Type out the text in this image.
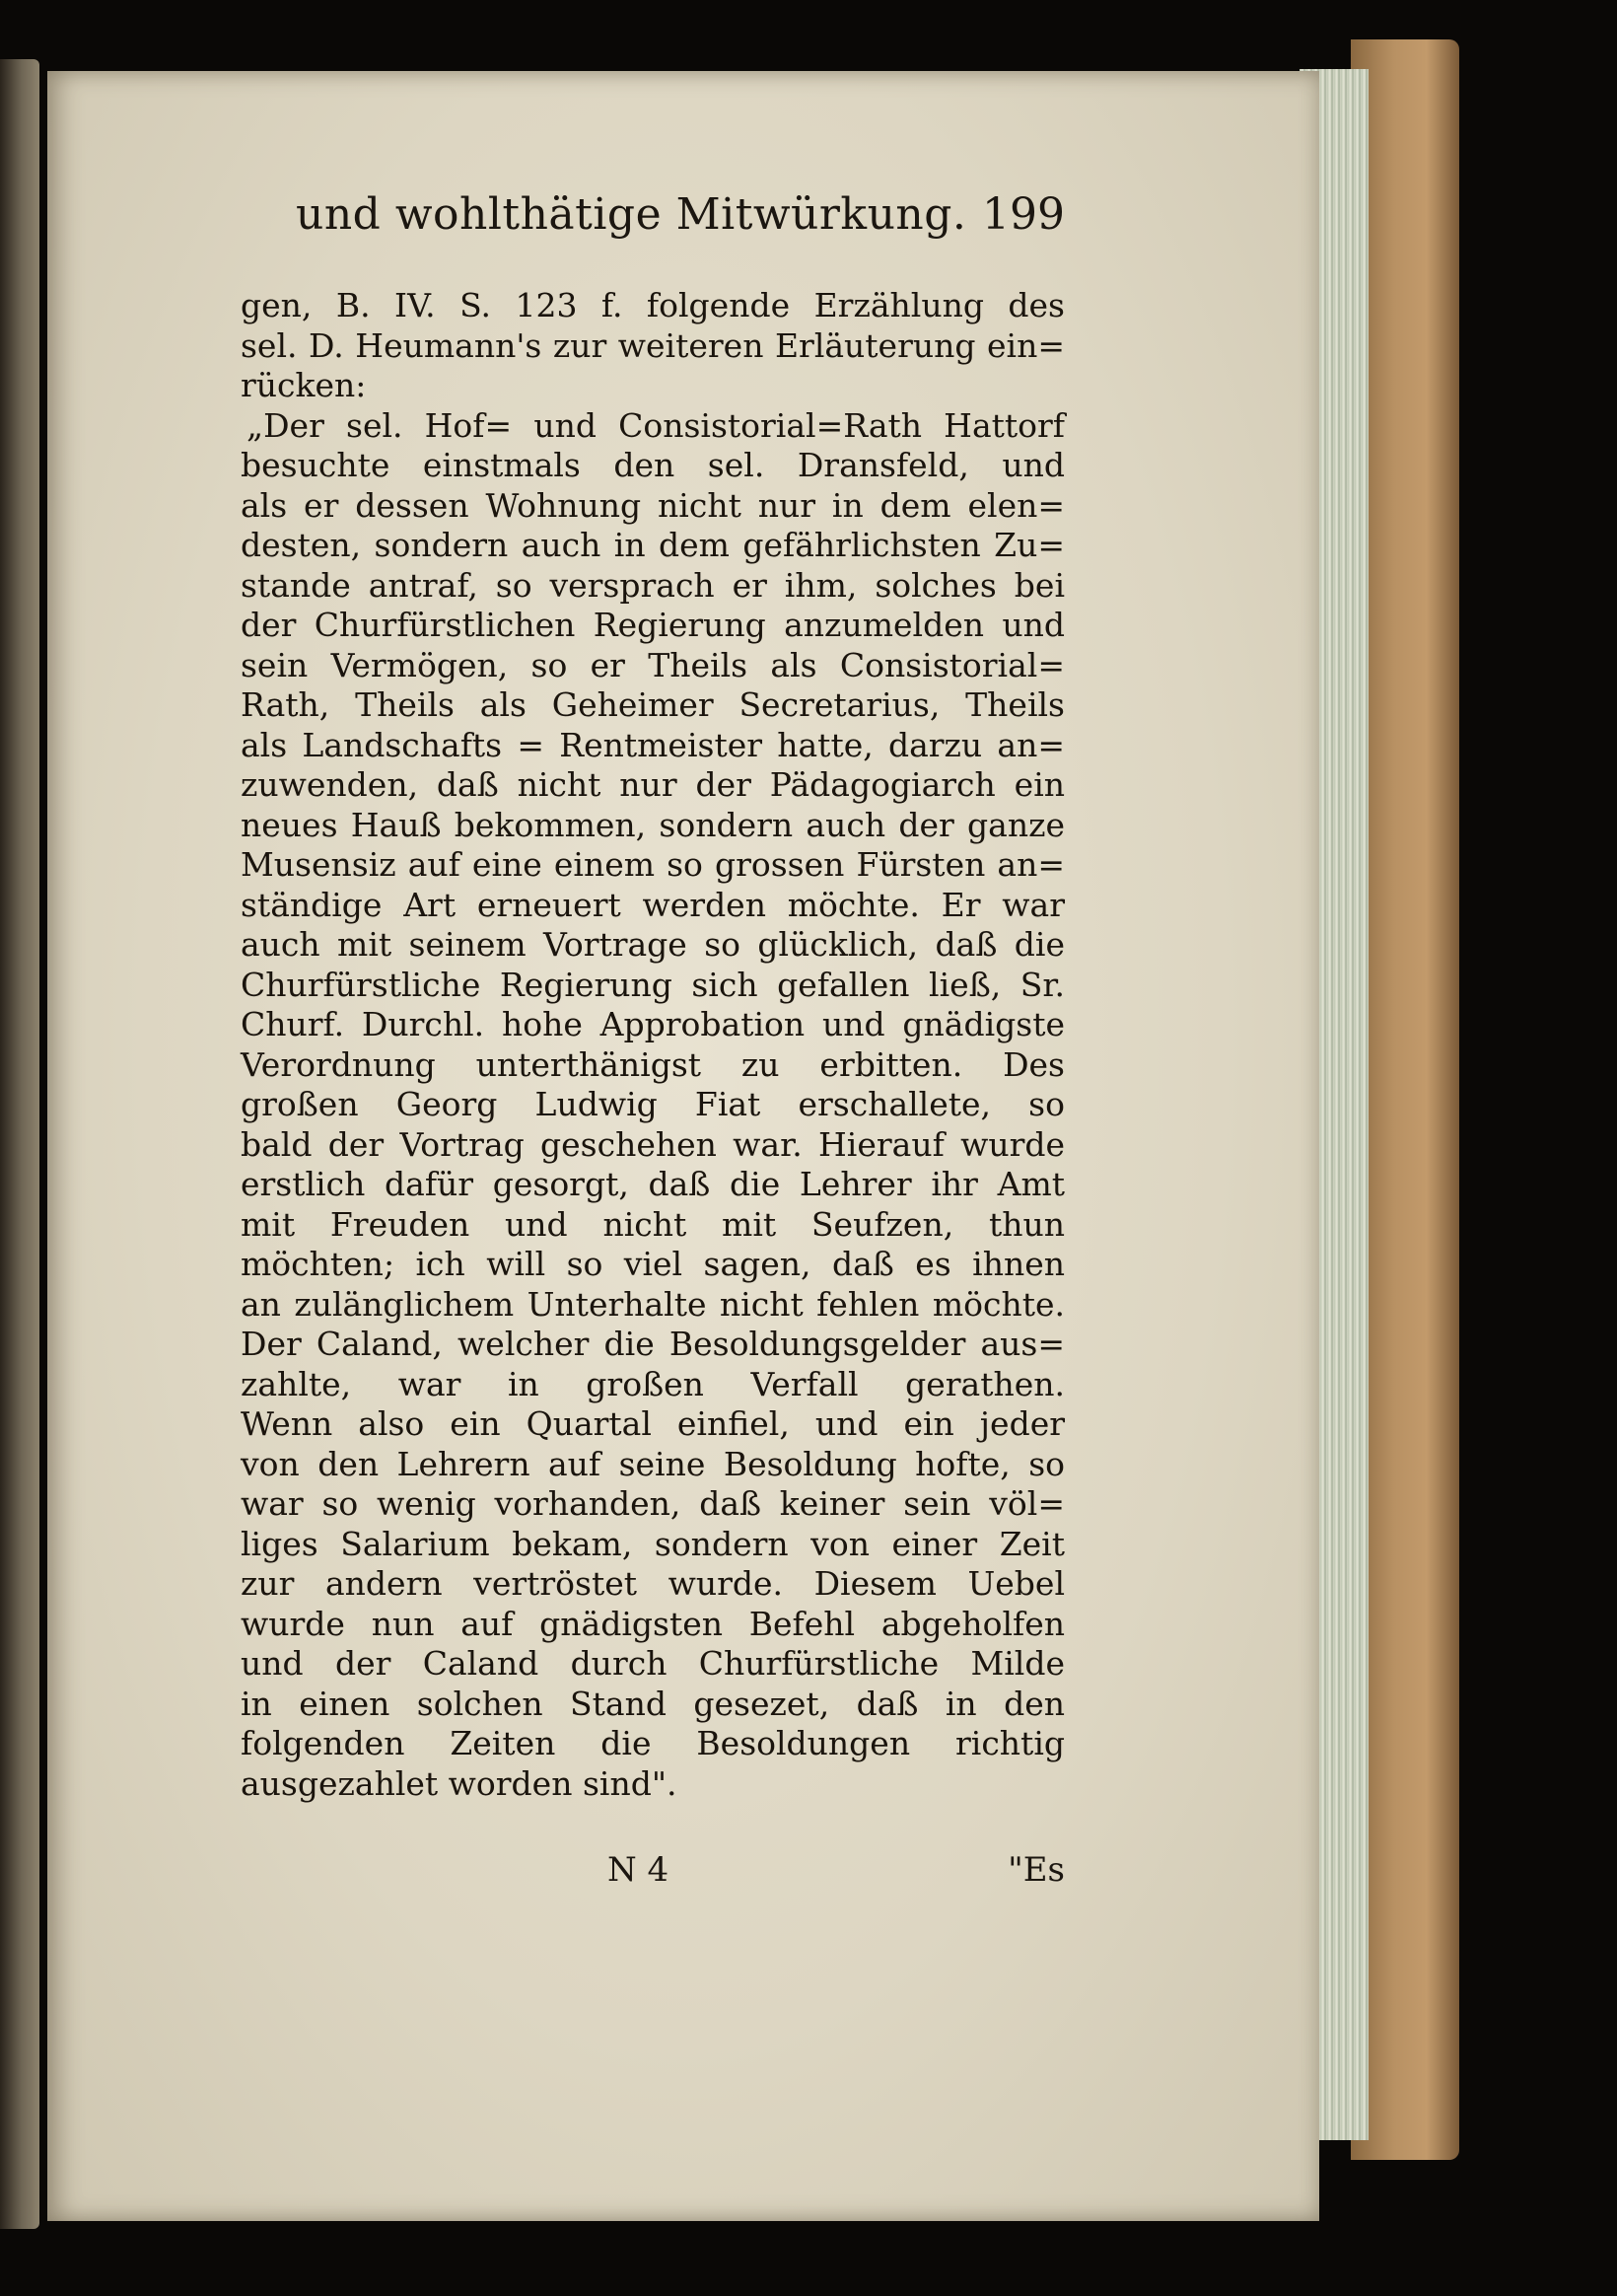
und wohlthätige Mitwürkung. 199
gen, B. IV. S. 123 f. folgende Erzählung des
sel. D. Heumann's zur weiteren Erläuterung ein=
rücken:
„Der sel. Hof= und Consistorial=Rath Hattorf
besuchte einstmals den sel. Dransfeld, und
als er dessen Wohnung nicht nur in dem elen=
desten, sondern auch in dem gefährlichsten Zu=
stande antraf, so versprach er ihm, solches bei
der Churfürstlichen Regierung anzumelden und
sein Vermögen, so er Theils als Consistorial=
Rath, Theils als Geheimer Secretarius, Theils
als Landschafts = Rentmeister hatte, darzu an=
zuwenden, daß nicht nur der Pädagogiarch ein
neues Hauß bekommen, sondern auch der ganze
Musensiz auf eine einem so grossen Fürsten an=
ständige Art erneuert werden möchte. Er war
auch mit seinem Vortrage so glücklich, daß die
Churfürstliche Regierung sich gefallen ließ, Sr.
Churf. Durchl. hohe Approbation und gnädigste
Verordnung unterthänigst zu erbitten. Des
großen Georg Ludwig Fiat erschallete, so
bald der Vortrag geschehen war. Hierauf wurde
erstlich dafür gesorgt, daß die Lehrer ihr Amt
mit Freuden und nicht mit Seufzen, thun
möchten; ich will so viel sagen, daß es ihnen
an zulänglichem Unterhalte nicht fehlen möchte.
Der Caland, welcher die Besoldungsgelder aus=
zahlte, war in großen Verfall gerathen.
Wenn also ein Quartal einfiel, und ein jeder
von den Lehrern auf seine Besoldung hofte, so
war so wenig vorhanden, daß keiner sein völ=
liges Salarium bekam, sondern von einer Zeit
zur andern vertröstet wurde. Diesem Uebel
wurde nun auf gnädigsten Befehl abgeholfen
und der Caland durch Churfürstliche Milde
in einen solchen Stand gesezet, daß in den
folgenden Zeiten die Besoldungen richtig
ausgezahlet worden sind".
N 4	"Es
